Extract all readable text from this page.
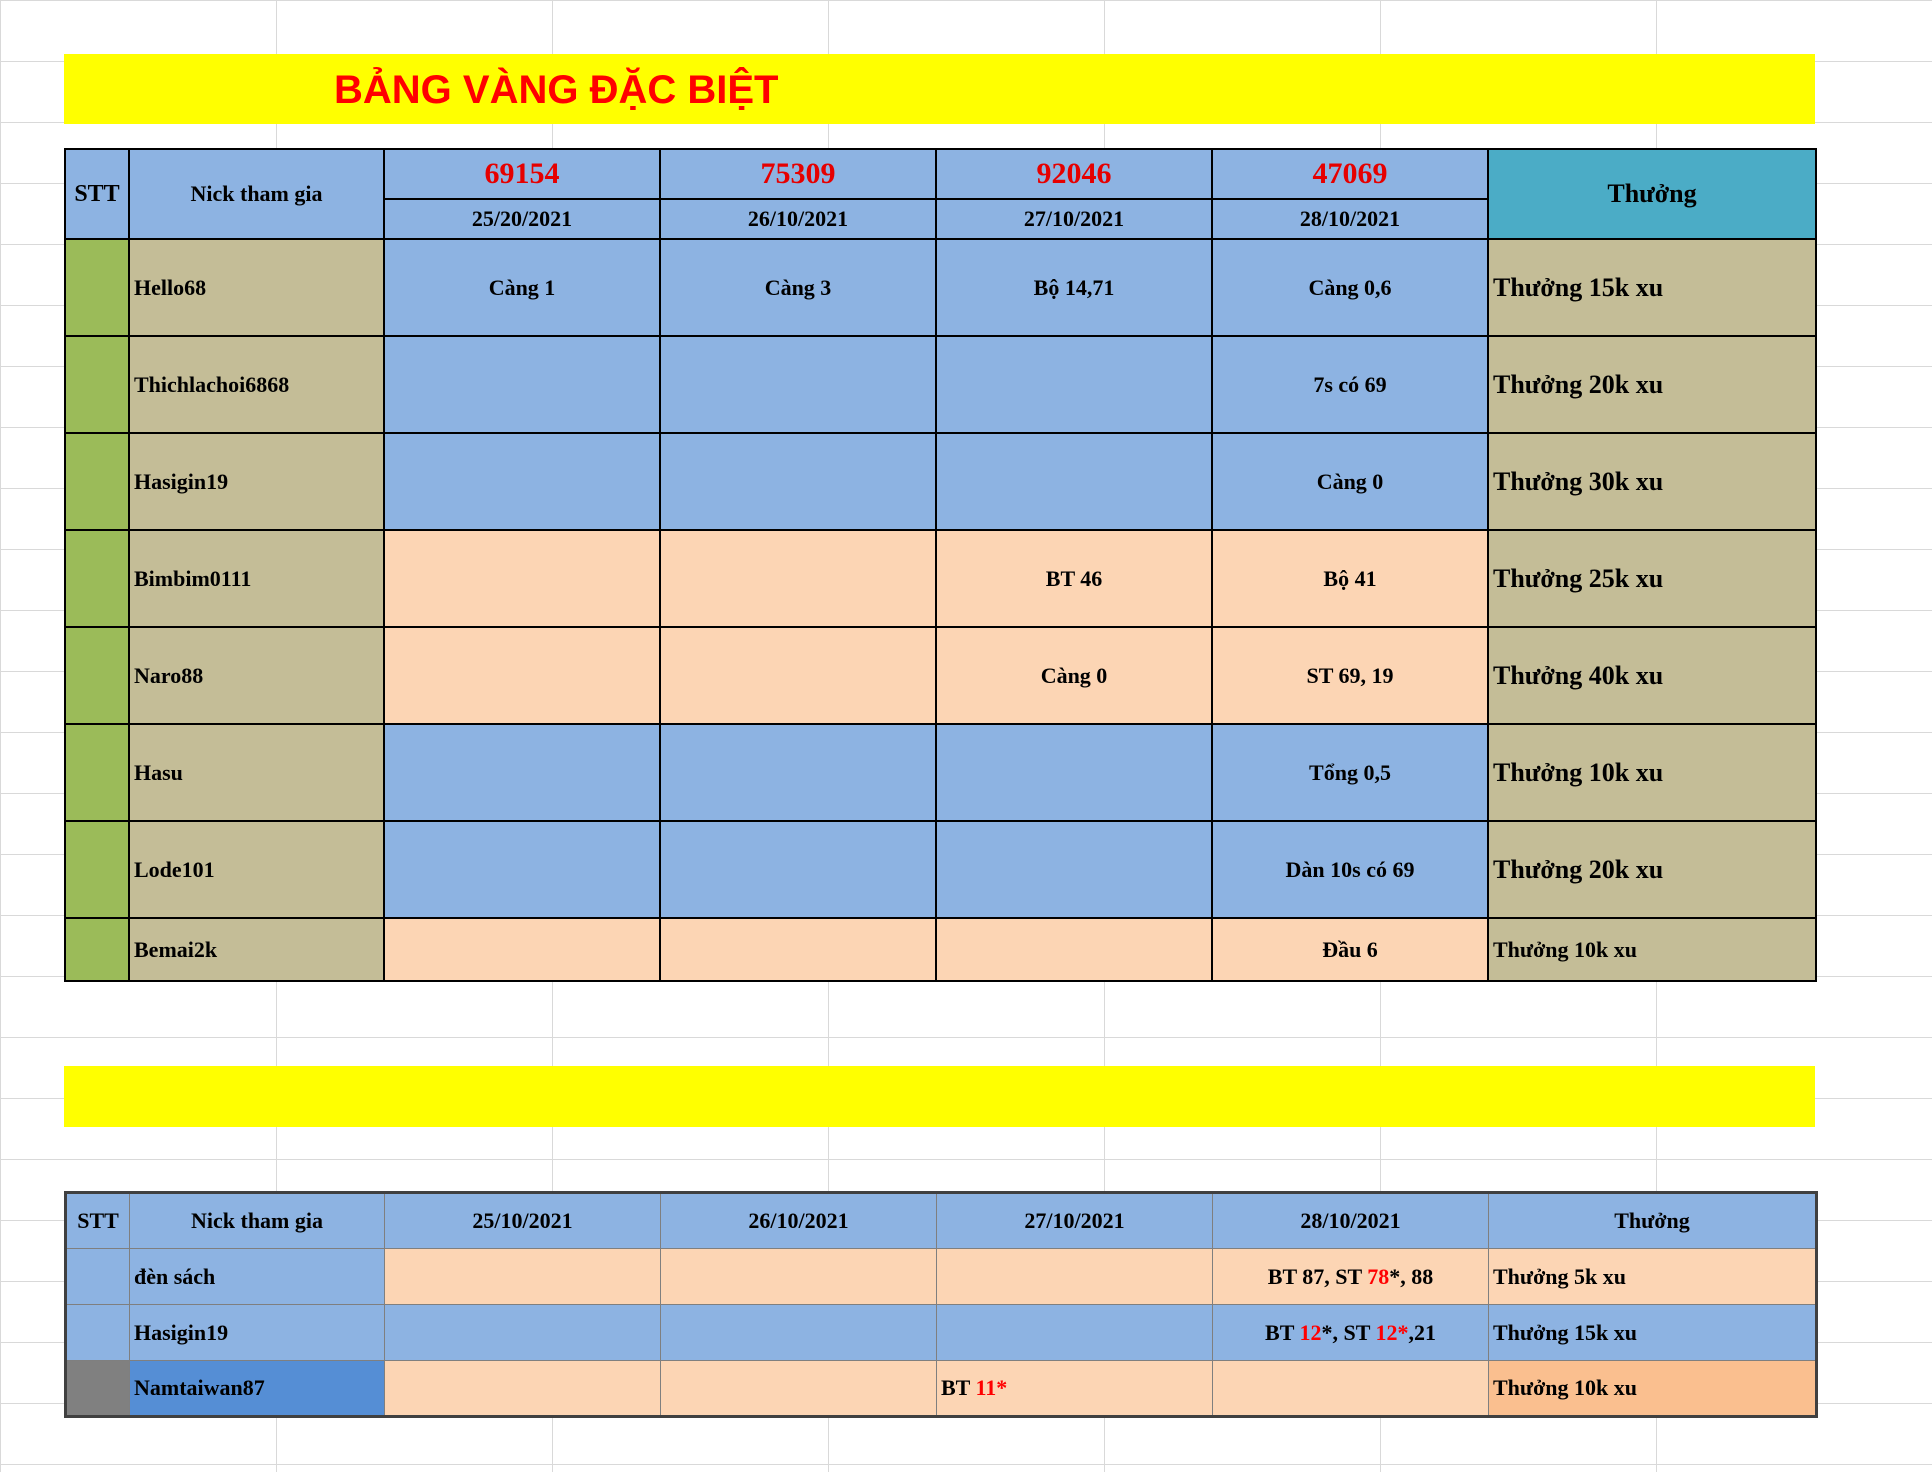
BẢNG VÀNG ĐẶC BIỆT
STT	Nick tham gia	69154	75309	92046	47069	Thưởng
		25/20/2021	26/10/2021	27/10/2021	28/10/2021	
	Hello68	Càng 1	Càng 3	Bộ 14,71	Càng 0,6	Thưởng 15k xu
	Thichlachoi6868				7s có 69	Thưởng 20k xu
	Hasigin19				Càng 0	Thưởng 30k xu
	Bimbim0111			BT 46	Bộ 41	Thưởng 25k xu
	Naro88			Càng 0	ST 69, 19	Thưởng 40k xu
	Hasu				Tổng 0,5	Thưởng 10k xu
	Lode101				Dàn 10s có 69	Thưởng 20k xu
	Bemai2k				Đầu 6	Thưởng 10k xu
STT	Nick tham gia	25/10/2021	26/10/2021	27/10/2021	28/10/2021	Thưởng
	đèn sách				BT 87, ST 78*, 88	Thưởng 5k xu
	Hasigin19				BT 12*, ST 12*,21	Thưởng 15k xu
	Namtaiwan87			BT 11*		Thưởng 10k xu
